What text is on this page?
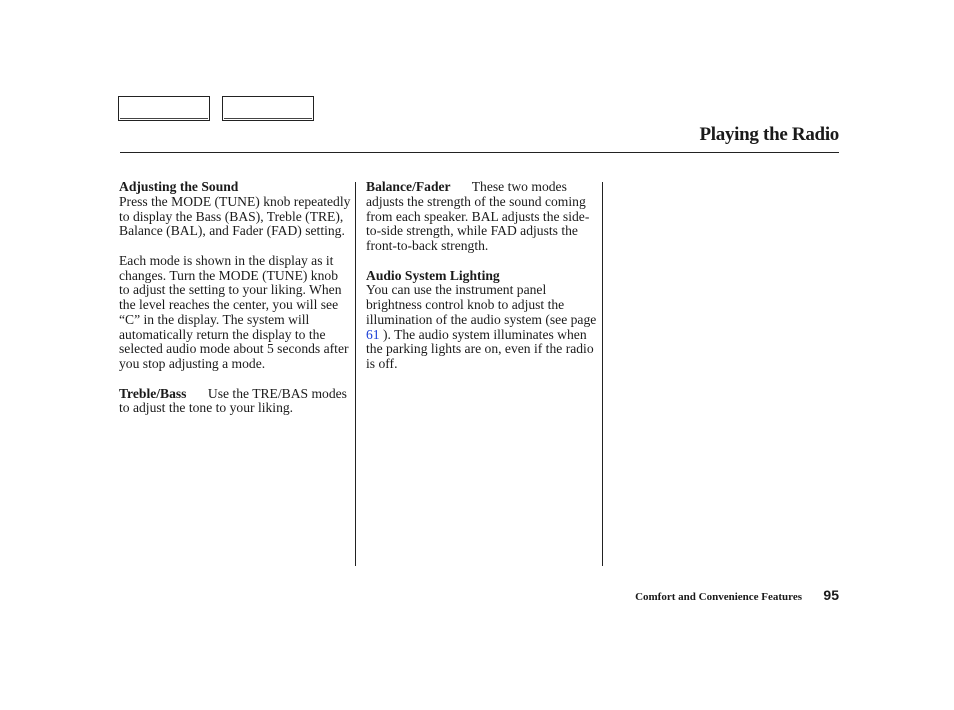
Playing the Radio

Adjusting the Sound
Press the MODE (TUNE) knob repeatedly to display the Bass (BAS), Treble (TRE), Balance (BAL), and Fader (FAD) setting.

Each mode is shown in the display as it changes. Turn the MODE (TUNE) knob to adjust the setting to your liking. When the level reaches the center, you will see “C” in the display. The system will automatically return the display to the selected audio mode about 5 seconds after you stop adjusting a mode.

Treble/Bass Use the TRE/BAS modes to adjust the tone to your liking.

Balance/Fader These two modes adjusts the strength of the sound coming from each speaker. BAL adjusts the side-to-side strength, while FAD adjusts the front-to-back strength.

Audio System Lighting
You can use the instrument panel brightness control knob to adjust the illumination of the audio system (see page 61 ). The audio system illuminates when the parking lights are on, even if the radio is off.

Comfort and Convenience Features 95
